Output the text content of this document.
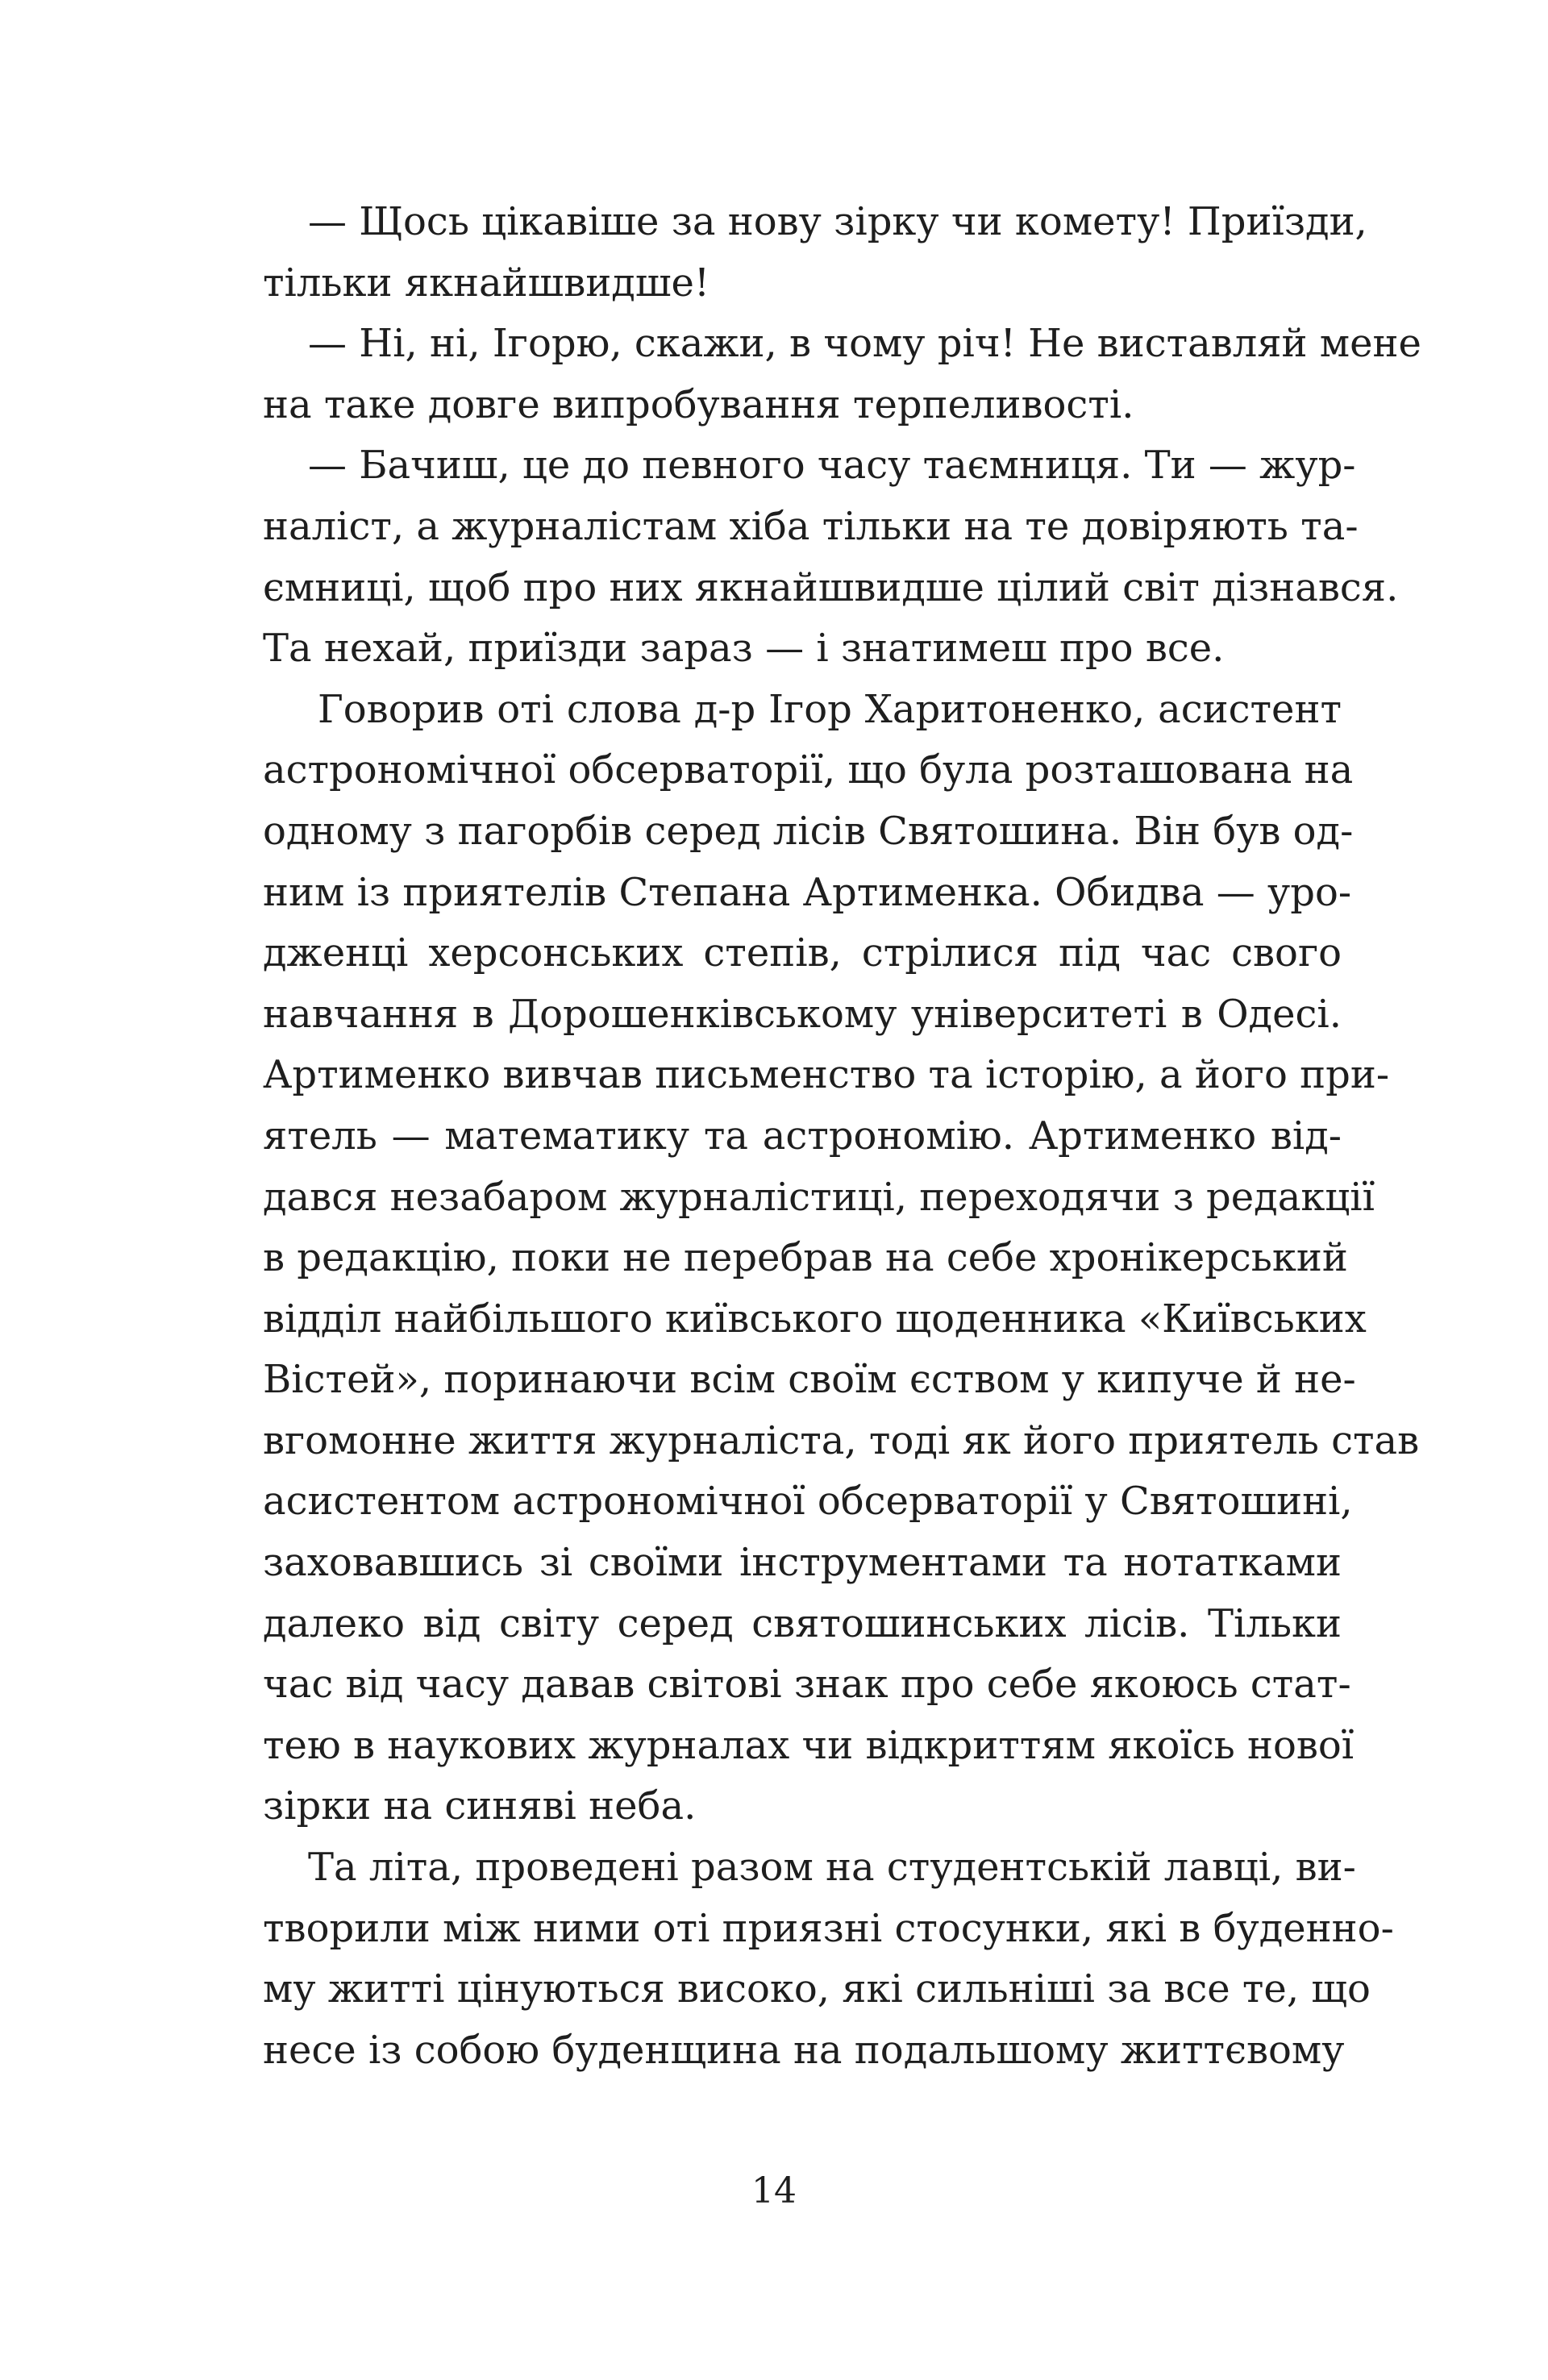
— Щось цікавіше за нову зірку чи комету! Приїзди,
тільки якнайшвидше!
— Ні, ні, Ігорю, скажи, в чому річ! Не виставляй мене
на таке довге випробування терпеливості.
— Бачиш, це до певного часу таємниця. Ти — жур-
наліст, а журналістам хіба тільки на те довіряють та-
ємниці, щоб про них якнайшвидше цілий світ дізнався.
Та нехай, приїзди зараз — і знатимеш про все.
Говорив оті слова д-р Ігор Харитоненко, асистент
астрономічної обсерваторії, що була розташована на
одному з пагорбів серед лісів Святошина. Він був од-
ним із приятелів Степана Артименка. Обидва — уро-
дженці херсонських степів, стрілися під час свого
навчання в Дорошенківському університеті в Одесі.
Артименко вивчав письменство та історію, а його при-
ятель — математику та астрономію. Артименко від-
дався незабаром журналістиці, переходячи з редакції
в редакцію, поки не перебрав на себе хронікерський
відділ найбільшого київського щоденника «Київських
Вістей», поринаючи всім своїм єством у кипуче й не-
вгомонне життя журналіста, тоді як його приятель став
асистентом астрономічної обсерваторії у Святошині,
заховавшись зі своїми інструментами та нотатками
далеко від світу серед святошинських лісів. Тільки
час від часу давав світові знак про себе якоюсь стат-
тею в наукових журналах чи відкриттям якоїсь нової
зірки на синяві неба.
Та літа, проведені разом на студентській лавці, ви-
творили між ними оті приязні стосунки, які в буденно-
му житті цінуються високо, які сильніші за все те, що
несе із собою буденщина на подальшому життєвому
14
